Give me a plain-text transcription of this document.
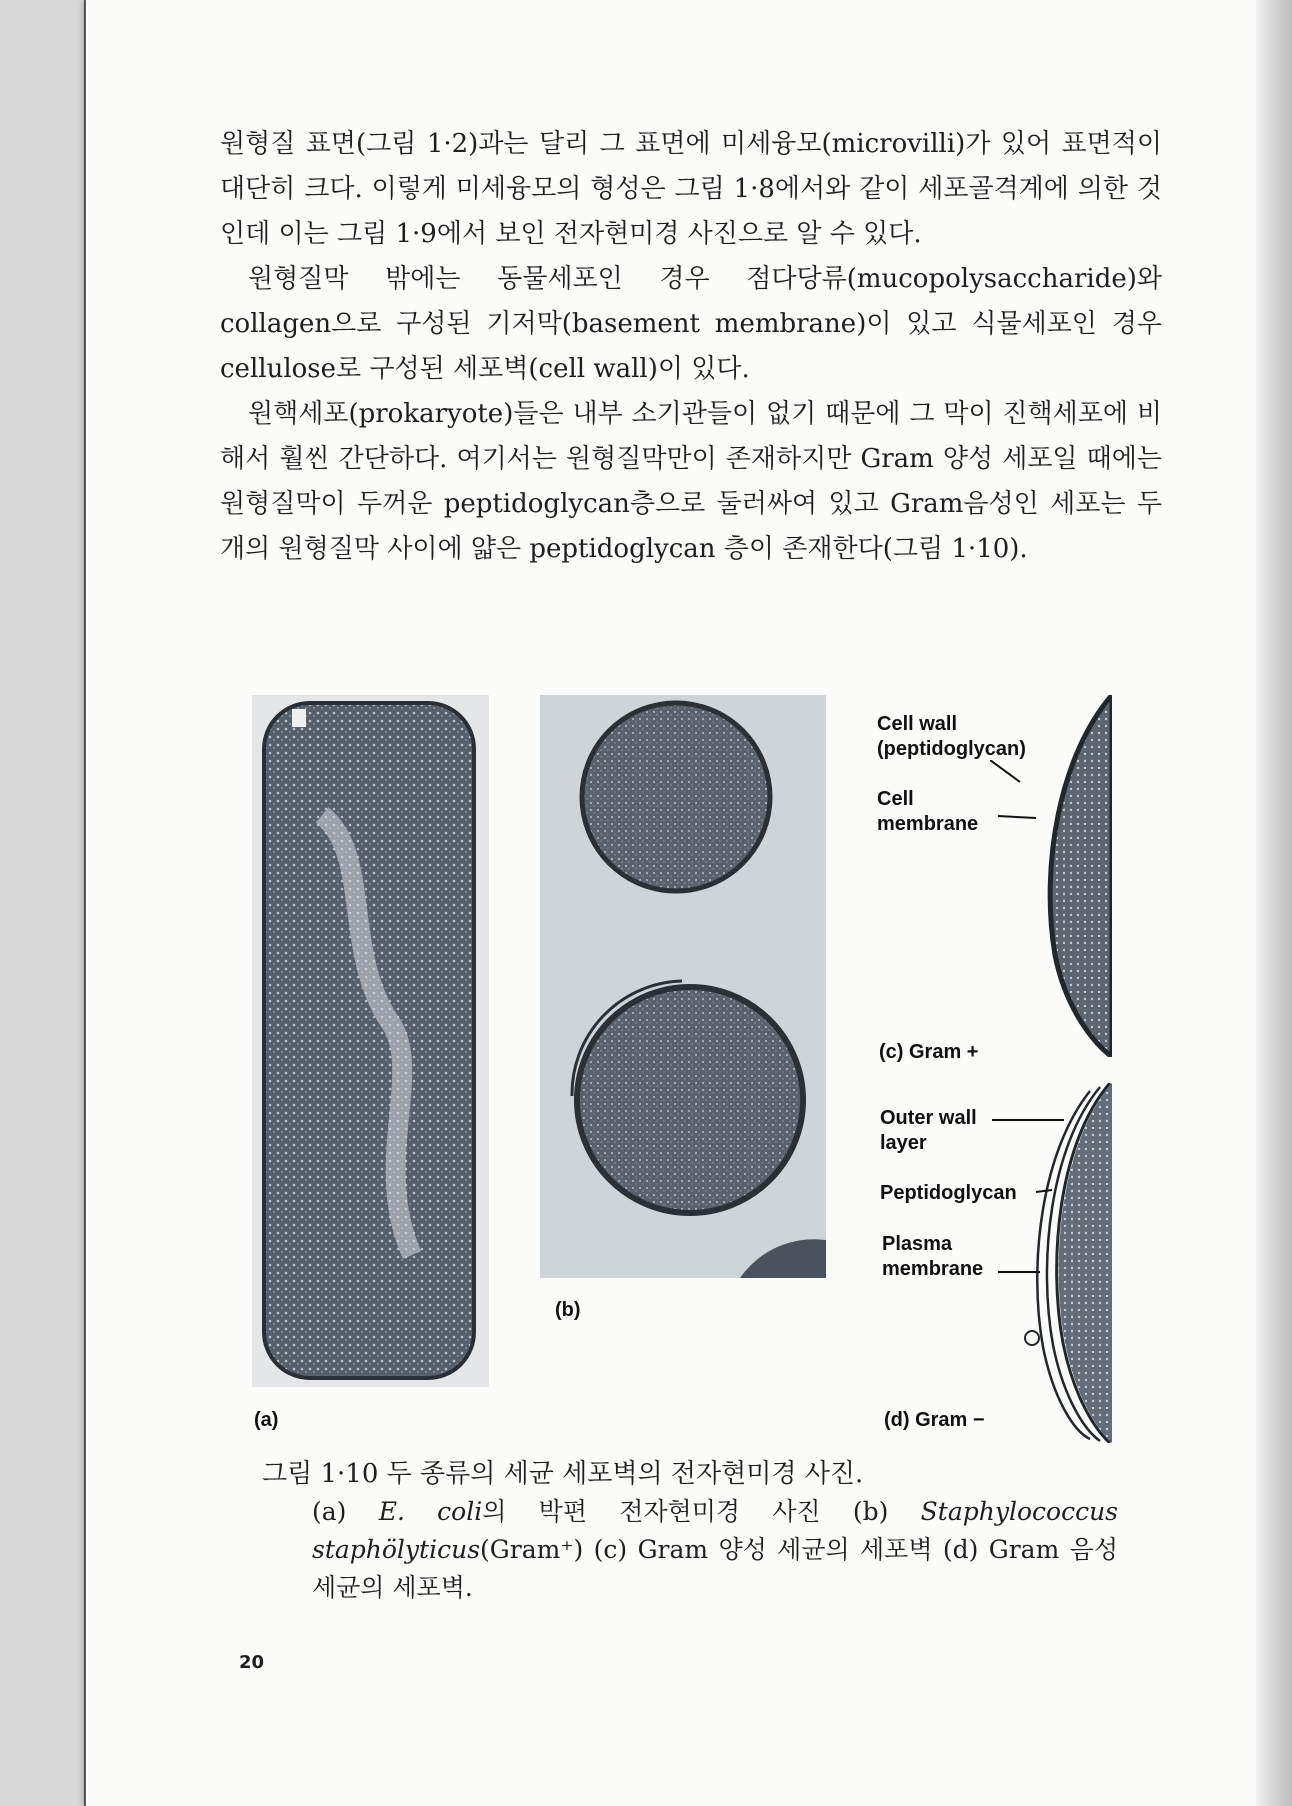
원형질 표면(그림 1·2)과는 달리 그 표면에 미세융모(microvilli)가 있어 표면적이 대단히 크다. 이렇게 미세융모의 형성은 그림 1·8에서와 같이 세포골격계에 의한 것인데 이는 그림 1·9에서 보인 전자현미경 사진으로 알 수 있다.

원형질막 밖에는 동물세포인 경우 점다당류(mucopolysaccharide)와 collagen으로 구성된 기저막(basement membrane)이 있고 식물세포인 경우 cellulose로 구성된 세포벽(cell wall)이 있다.

원핵세포(prokaryote)들은 내부 소기관들이 없기 때문에 그 막이 진핵세포에 비해서 훨씬 간단하다. 여기서는 원형질막만이 존재하지만 Gram 양성 세포일 때에는 원형질막이 두꺼운 peptidoglycan층으로 둘러싸여 있고 Gram음성인 세포는 두 개의 원형질막 사이에 얇은 peptidoglycan 층이 존재한다(그림 1·10).

(a)
(b)
Cell wall
(peptidoglycan)
Cell
membrane
(c) Gram +
Outer wall
layer
Peptidoglycan
Plasma
membrane
(d) Gram −
그림 1·10 두 종류의 세균 세포벽의 전자현미경 사진.
(a) E. coli의 박편 전자현미경 사진 (b) Staphylococcus staphölyticus(Gram⁺) (c) Gram 양성 세균의 세포벽 (d) Gram 음성 세균의 세포벽.
20
